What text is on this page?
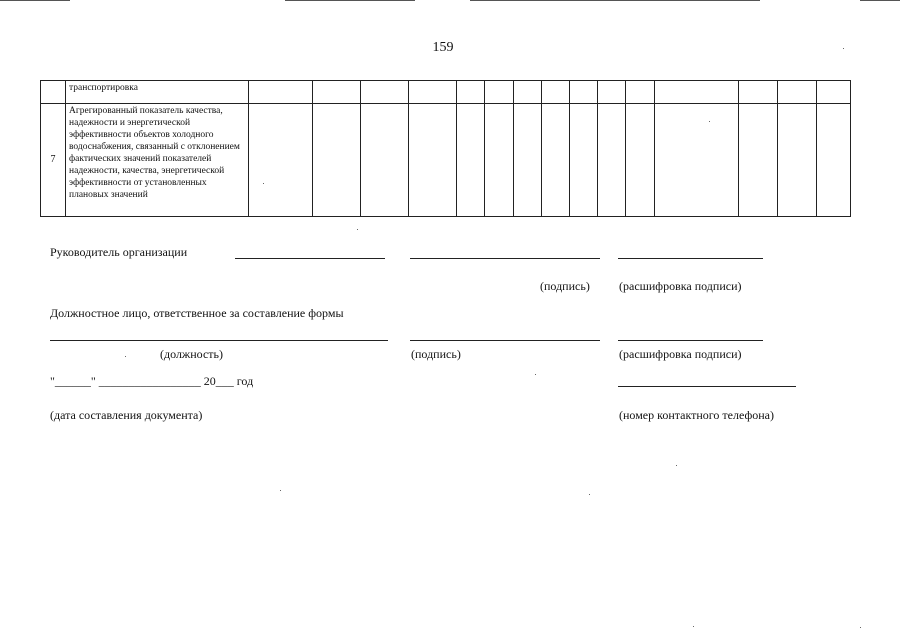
159
	транспортировка															
7	Агрегированный показатель качества, надежности и энергетической эффективности объектов холодного водоснабжения, связанный с отклонением фактических значений показателей надежности, качества, энергетической эффективности от установленных плановых значений															
Руководитель организации
(подпись) (расшифровка подписи)
Должностное лицо, ответственное за составление формы
(должность)	(подпись)	(расшифровка подписи)
"______" _________________ 20___ год
(дата составления документа)	(номер контактного телефона)
